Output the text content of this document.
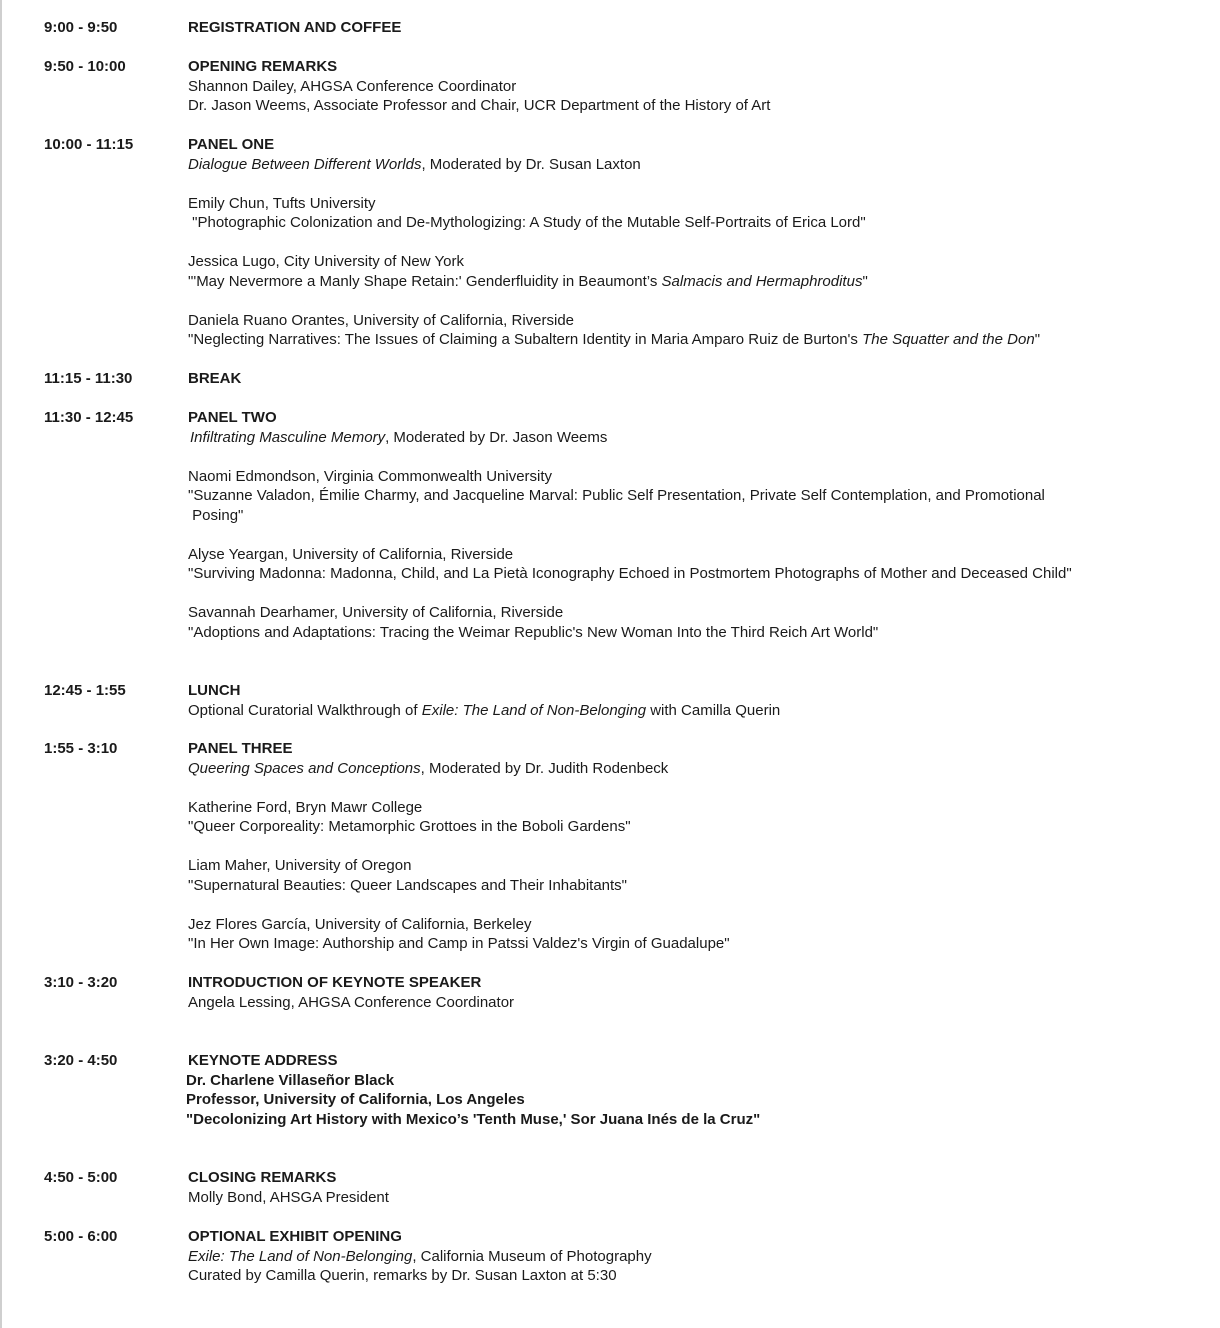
9:00 - 9:50	REGISTRATION AND COFFEE
9:50 - 10:00	OPENING REMARKS
Shannon Dailey, AHGSA Conference Coordinator
Dr. Jason Weems, Associate Professor and Chair, UCR Department of the History of Art
10:00 - 11:15	PANEL ONE
Dialogue Between Different Worlds, Moderated by Dr. Susan Laxton
Emily Chun, Tufts University
"Photographic Colonization and De-Mythologizing: A Study of the Mutable Self-Portraits of Erica Lord"
Jessica Lugo, City University of New York
"'May Nevermore a Manly Shape Retain:' Genderfluidity in Beaumont’s Salmacis and Hermaphroditus"
Daniela Ruano Orantes, University of California, Riverside
"Neglecting Narratives: The Issues of Claiming a Subaltern Identity in Maria Amparo Ruiz de Burton's The Squatter and the Don"
11:15 - 11:30	BREAK
11:30 - 12:45	PANEL TWO
Infiltrating Masculine Memory, Moderated by Dr. Jason Weems
Naomi Edmondson, Virginia Commonwealth University
"Suzanne Valadon, Émilie Charmy, and Jacqueline Marval: Public Self Presentation, Private Self Contemplation, and Promotional
Posing"
Alyse Yeargan, University of California, Riverside
"Surviving Madonna: Madonna, Child, and La Pietà Iconography Echoed in Postmortem Photographs of Mother and Deceased Child"
Savannah Dearhamer, University of California, Riverside
"Adoptions and Adaptations: Tracing the Weimar Republic's New Woman Into the Third Reich Art World"
12:45 - 1:55	LUNCH
Optional Curatorial Walkthrough of Exile: The Land of Non-Belonging with Camilla Querin
1:55 - 3:10	PANEL THREE
Queering Spaces and Conceptions, Moderated by Dr. Judith Rodenbeck
Katherine Ford, Bryn Mawr College
"Queer Corporeality: Metamorphic Grottoes in the Boboli Gardens"
Liam Maher, University of Oregon
"Supernatural Beauties: Queer Landscapes and Their Inhabitants"
Jez Flores García, University of California, Berkeley
"In Her Own Image: Authorship and Camp in Patssi Valdez's Virgin of Guadalupe"
3:10 - 3:20	INTRODUCTION OF KEYNOTE SPEAKER
Angela Lessing, AHGSA Conference Coordinator
3:20 - 4:50	KEYNOTE ADDRESS
Dr. Charlene Villaseñor Black
Professor, University of California, Los Angeles
"Decolonizing Art History with Mexico’s 'Tenth Muse,' Sor Juana Inés de la Cruz"
4:50 - 5:00	CLOSING REMARKS
Molly Bond, AHSGA President
5:00 - 6:00	OPTIONAL EXHIBIT OPENING
Exile: The Land of Non-Belonging, California Museum of Photography
Curated by Camilla Querin, remarks by Dr. Susan Laxton at 5:30
